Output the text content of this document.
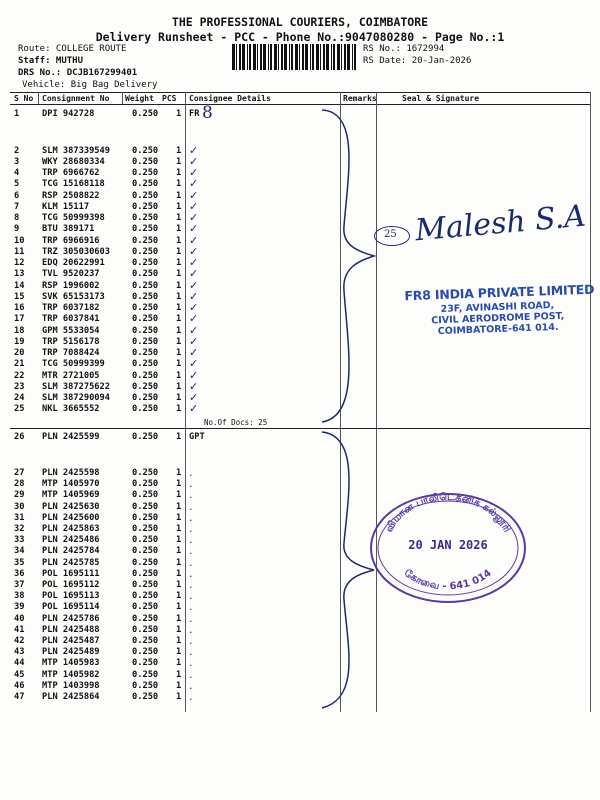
THE PROFESSIONAL COURIERS, COIMBATORE
Delivery Runsheet - PCC - Phone No.:9047080280 - Page No.:1
Route: COLLEGE ROUTE
Staff: MUTHU
DRS No.: DCJB167299401
Vehicle: Big Bag Delivery
RS No.: 1672994
RS Date: 20-Jan-2026
S No Consignment No Weight PCS Consignee Details	Remarks	Seal & Signature
1	DPI 942728	0.250 1 FR 8
2	SLM 387339549	0.250 1 ✓
3	WKY 28680334	0.250 1 ✓
4	TRP 6966762	0.250 1 ✓
5	TCG 15168118	0.250 1 ✓
6	RSP 2508822	0.250 1 ✓
7	KLM 15117	0.250 1 ✓
8	TCG 50999398	0.250 1 ✓
9	BTU 389171	0.250 1 ✓
10 TRP 6966916	0.250 1 ✓
11 TRZ 305030603	0.250 1 ✓
12 EDQ 20622991	0.250 1 ✓
13 TVL 9520237	0.250 1 ✓
14 RSP 1996002	0.250 1 ✓
15 SVK 65153173	0.250 1 ✓
16 TRP 6037182	0.250 1 ✓
17 TRP 6037841	0.250 1 ✓
18 GPM 5533054	0.250 1 ✓
19 TRP 5156178	0.250 1 ✓
20 TRP 7088424	0.250 1 ✓
21 TCG 50999399	0.250 1 ✓
22 MTR 2721005	0.250 1 ✓
23 SLM 387275622	0.250 1 ✓
24 SLM 387290094	0.250 1 ✓
25 NKL 3665552	0.250 1 ✓
No.Of Docs: 25
26 PLN 2425599	0.250 1 GPT
27 PLN 2425598	0.250 1 .
28 MTP 1405970	0.250 1 .
29 MTP 1405969	0.250 1 .
30 PLN 2425630	0.250 1 .
31 PLN 2425600	0.250 1 .
32 PLN 2425863	0.250 1 .
33 PLN 2425486	0.250 1 .
34 PLN 2425784	0.250 1 .
35 PLN 2425785	0.250 1 .
36 POL 1695111	0.250 1 .
37 POL 1695112	0.250 1 .
38 POL 1695113	0.250 1 .
39 POL 1695114	0.250 1 .
40 PLN 2425786	0.250 1 .
41 PLN 2425488	0.250 1 .
42 PLN 2425487	0.250 1 .
43 PLN 2425489	0.250 1 .
44 MTP 1405983	0.250 1 .
45 MTP 1405982	0.250 1 .
46 MTP 1403998	0.250 1 .
47 PLN 2425864	0.250 1 .
25 Malesh S.A
FR8 INDIA PRIVATE LIMITED
23F, AVINASHI ROAD,
CIVIL AERODROME POST,
COIMBATORE-641 014.
விமான பாலிடெக்னிக் கல்லூரி
கோவை - 641 014
20 JAN 2026
